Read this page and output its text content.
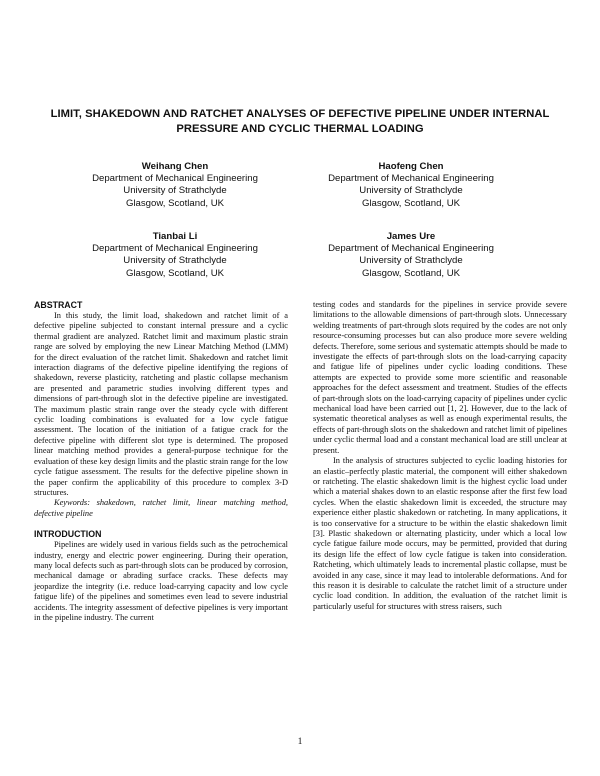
LIMIT, SHAKEDOWN AND RATCHET ANALYSES OF DEFECTIVE PIPELINE UNDER INTERNAL
PRESSURE AND CYCLIC THERMAL LOADING
Weihang Chen
Department of Mechanical Engineering
University of Strathclyde
Glasgow, Scotland, UK
Haofeng Chen
Department of Mechanical Engineering
University of Strathclyde
Glasgow, Scotland, UK
Tianbai Li
Department of Mechanical Engineering
University of Strathclyde
Glasgow, Scotland, UK
James Ure
Department of Mechanical Engineering
University of Strathclyde
Glasgow, Scotland, UK
ABSTRACT

In this study, the limit load, shakedown and ratchet limit of a defective pipeline subjected to constant internal pressure and a cyclic thermal gradient are analyzed. Ratchet limit and maximum plastic strain range are solved by employing the new Linear Matching Method (LMM) for the direct evaluation of the ratchet limit. Shakedown and ratchet limit interaction diagrams of the defective pipeline identifying the regions of shakedown, reverse plasticity, ratcheting and plastic collapse mechanism are presented and parametric studies involving different types and dimensions of part-through slot in the defective pipeline are investigated. The maximum plastic strain range over the steady cycle with different cyclic loading combinations is evaluated for a low cycle fatigue assessment. The location of the initiation of a fatigue crack for the defective pipeline with different slot type is determined. The proposed linear matching method provides a general-purpose technique for the evaluation of these key design limits and the plastic strain range for the low cycle fatigue assessment. The results for the defective pipeline shown in the paper confirm the applicability of this procedure to complex 3-D structures.

Keywords: shakedown, ratchet limit, linear matching method, defective pipeline

INTRODUCTION

Pipelines are widely used in various fields such as the petrochemical industry, energy and electric power engineering. During their operation, many local defects such as part-through slots can be produced by corrosion, mechanical damage or abrading surface cracks. These defects may jeopardize the integrity (i.e. reduce load-carrying capacity and low cycle fatigue life) of the pipelines and sometimes even lead to severe industrial accidents. The integrity assessment of defective pipelines is very important in the pipeline industry. The current

testing codes and standards for the pipelines in service provide severe limitations to the allowable dimensions of part-through slots. Unnecessary welding treatments of part-through slots required by the codes are not only resource-consuming processes but can also produce more severe welding defects. Therefore, some serious and systematic attempts should be made to investigate the effects of part-through slots on the load-carrying capacity and fatigue life of pipelines under cyclic loading conditions. These attempts are expected to provide some more scientific and reasonable approaches for the defect assessment and treatment. Studies of the effects of part-through slots on the load-carrying capacity of pipelines under cyclic mechanical load have been carried out [1, 2]. However, due to the lack of systematic theoretical analyses as well as enough experimental results, the effects of part-through slots on the shakedown and ratchet limit of pipelines under cyclic thermal load and a constant mechanical load are still unclear at present.

In the analysis of structures subjected to cyclic loading histories for an elastic–perfectly plastic material, the component will either shakedown or ratcheting. The elastic shakedown limit is the highest cyclic load under which a material shakes down to an elastic response after the first few load cycles. When the elastic shakedown limit is exceeded, the structure may experience either plastic shakedown or ratcheting. In many applications, it is too conservative for a structure to be within the elastic shakedown limit [3]. Plastic shakedown or alternating plasticity, under which a local low cycle fatigue failure mode occurs, may be permitted, provided that during its design life the effect of low cycle fatigue is taken into consideration. Ratcheting, which ultimately leads to incremental plastic collapse, must be avoided in any case, since it may lead to intolerable deformations. And for this reason it is desirable to calculate the ratchet limit of a structure under cyclic load condition. In addition, the evaluation of the ratchet limit is particularly useful for structures with stress raisers, such

1
